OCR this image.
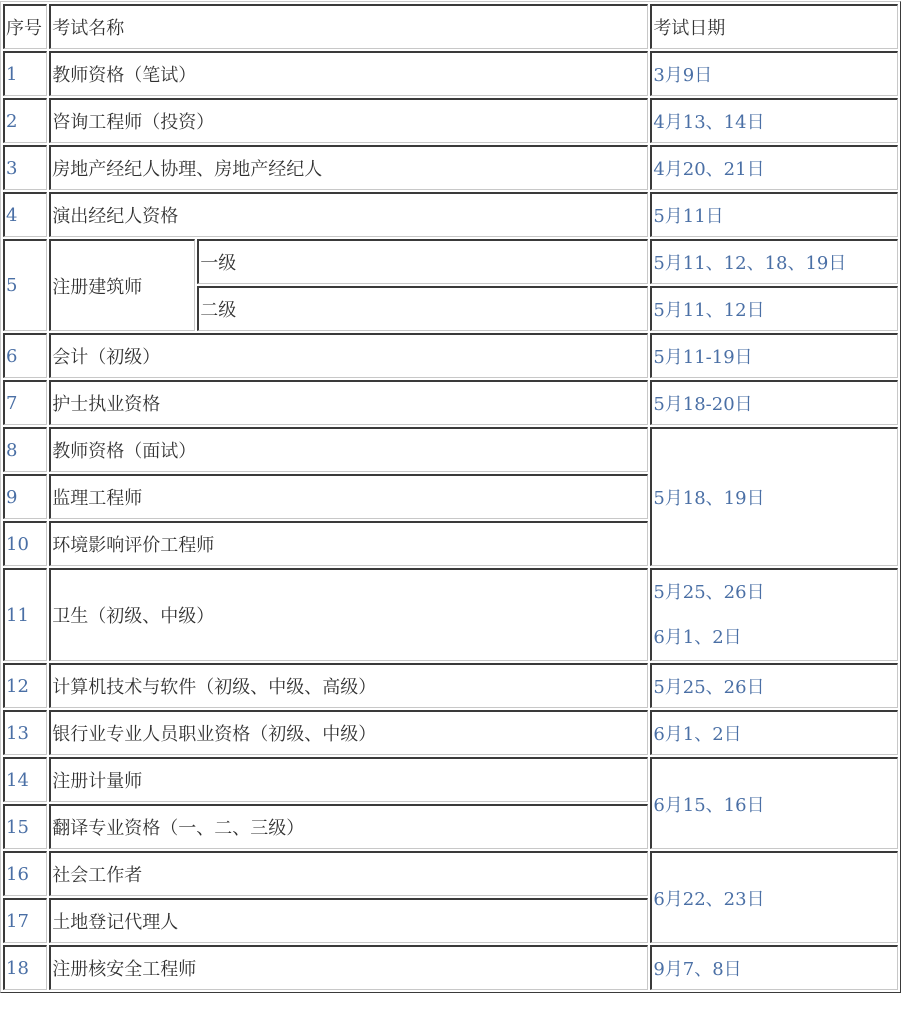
序号	考试名称		考试日期
1	教师资格（笔试）		3月9日
2	咨询工程师（投资）		4月13、14日
3	房地产经纪人协理、房地产经纪人		4月20、21日
4	演出经纪人资格		5月11日
5	注册建筑师	一级	5月11、12、18、19日
		二级	5月11、12日
6	会计（初级）		5月11-19日
7	护士执业资格		5月18-20日
8	教师资格（面试）		5月18、19日
9	监理工程师		
10	环境影响评价工程师		
11	卫生（初级、中级）		5月25、26日
6月1、2日

12	计算机技术与软件（初级、中级、高级）		5月25、26日
13	银行业专业人员职业资格（初级、中级）		6月1、2日
14	注册计量师		6月15、16日
15	翻译专业资格（一、二、三级）		
16	社会工作者		6月22、23日
17	土地登记代理人		
18	注册核安全工程师		9月7、8日
